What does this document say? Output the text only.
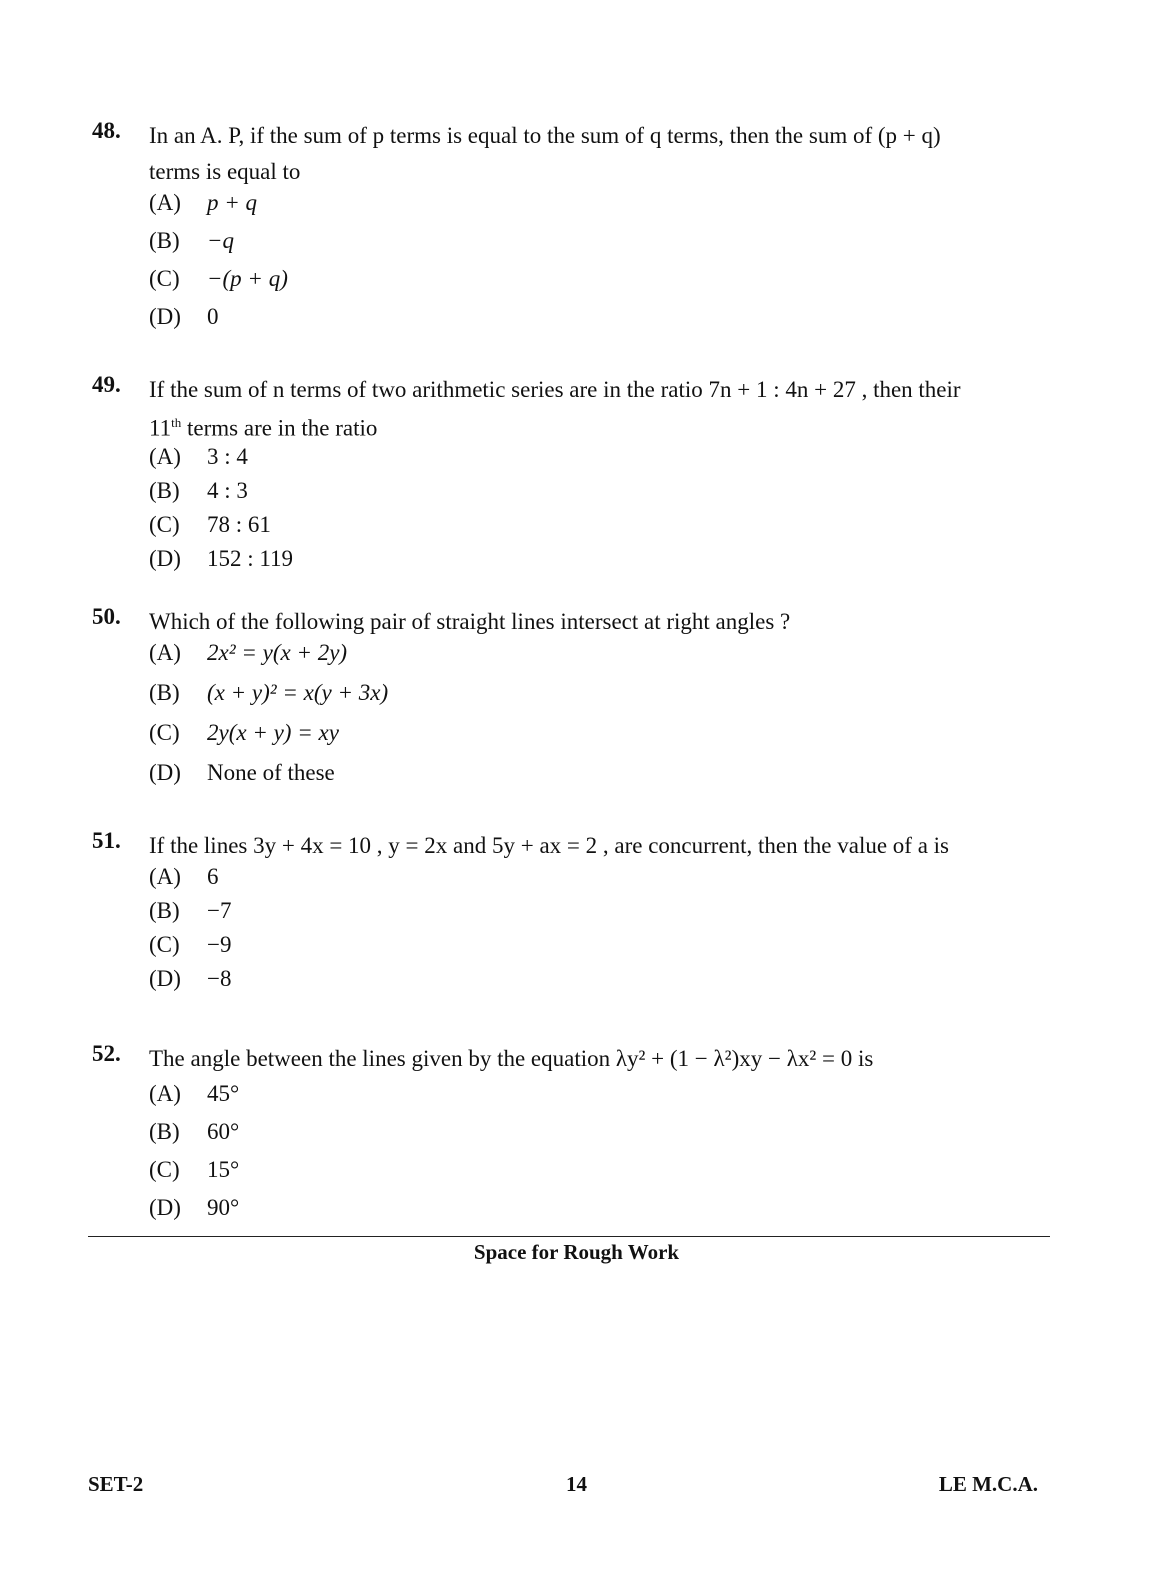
48. In an A. P, if the sum of p terms is equal to the sum of q terms, then the sum of (p + q)
terms is equal to
(A)	p + q
(B)	−q
(C)	−(p + q)
(D)	0
49. If the sum of n terms of two arithmetic series are in the ratio 7n + 1 : 4n + 27 , then their
11th terms are in the ratio
(A)	3 : 4
(B)	4 : 3
(C)	78 : 61
(D)	152 : 119
50. Which of the following pair of straight lines intersect at right angles ?
(A)	2x² = y(x + 2y)
(B)	(x + y)² = x(y + 3x)
(C)	2y(x + y) = xy
(D)	None of these
51. If the lines 3y + 4x = 10 , y = 2x and 5y + ax = 2 , are concurrent, then the value of a is
(A)	6
(B)	−7
(C)	−9
(D)	−8
52. The angle between the lines given by the equation λy² + (1 − λ²)xy − λx² = 0 is
(A)	45°
(B)	60°
(C)	15°
(D)	90°
Space for Rough Work
SET-2	14	LE M.C.A.
